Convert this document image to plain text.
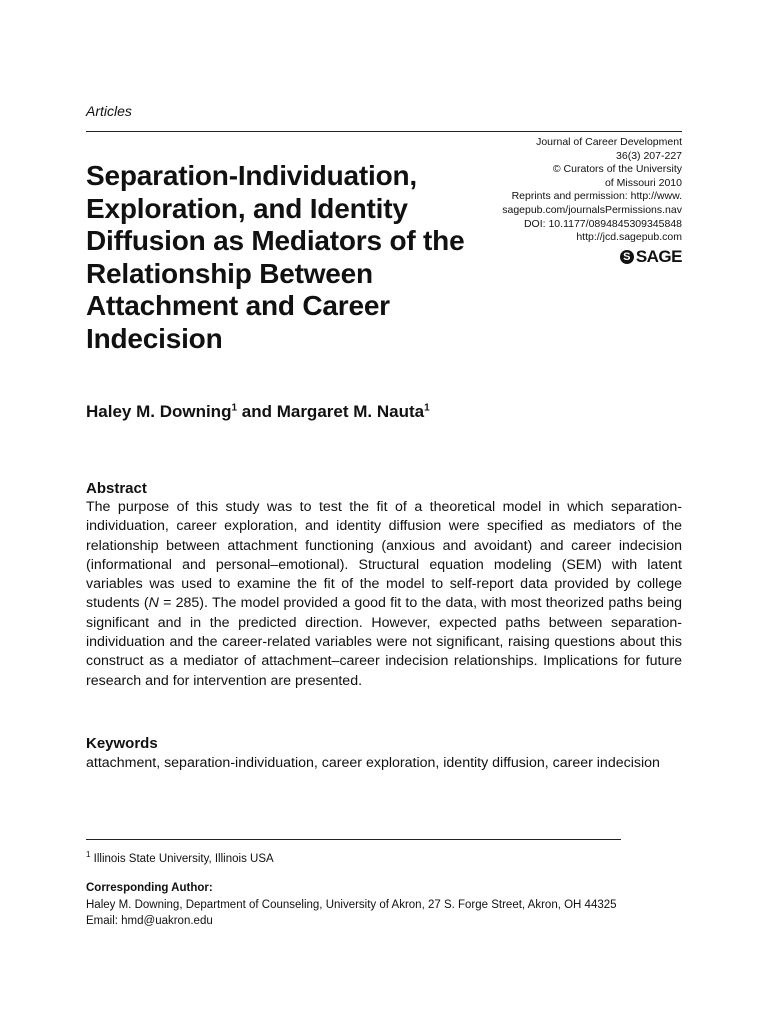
Articles
Journal of Career Development
36(3) 207-227
© Curators of the University
of Missouri 2010
Reprints and permission: http://www.
sagepub.com/journalsPermissions.nav
DOI: 10.1177/0894845309345848
http://jcd.sagepub.com
S SAGE
Separation-Individuation, Exploration, and Identity Diffusion as Mediators of the Relationship Between Attachment and Career Indecision
Haley M. Downing$^1$ and Margaret M. Nauta$^1$
Abstract

The purpose of this study was to test the fit of a theoretical model in which separation-individuation, career exploration, and identity diffusion were specified as mediators of the relationship between attachment functioning (anxious and avoidant) and career indecision (informational and personal–emotional). Structural equation modeling (SEM) with latent variables was used to examine the fit of the model to self-report data provided by college students (N = 285). The model provided a good fit to the data, with most theorized paths being significant and in the predicted direction. However, expected paths between separation-individuation and the career-related variables were not significant, raising questions about this construct as a mediator of attachment–career indecision relationships. Implications for future research and for intervention are presented.

Keywords

attachment, separation-individuation, career exploration, identity diffusion, career indecision

$^1$ Illinois State University, Illinois USA
Corresponding Author:
Haley M. Downing, Department of Counseling, University of Akron, 27 S. Forge Street, Akron, OH 44325
Email: hmd@uakron.edu
